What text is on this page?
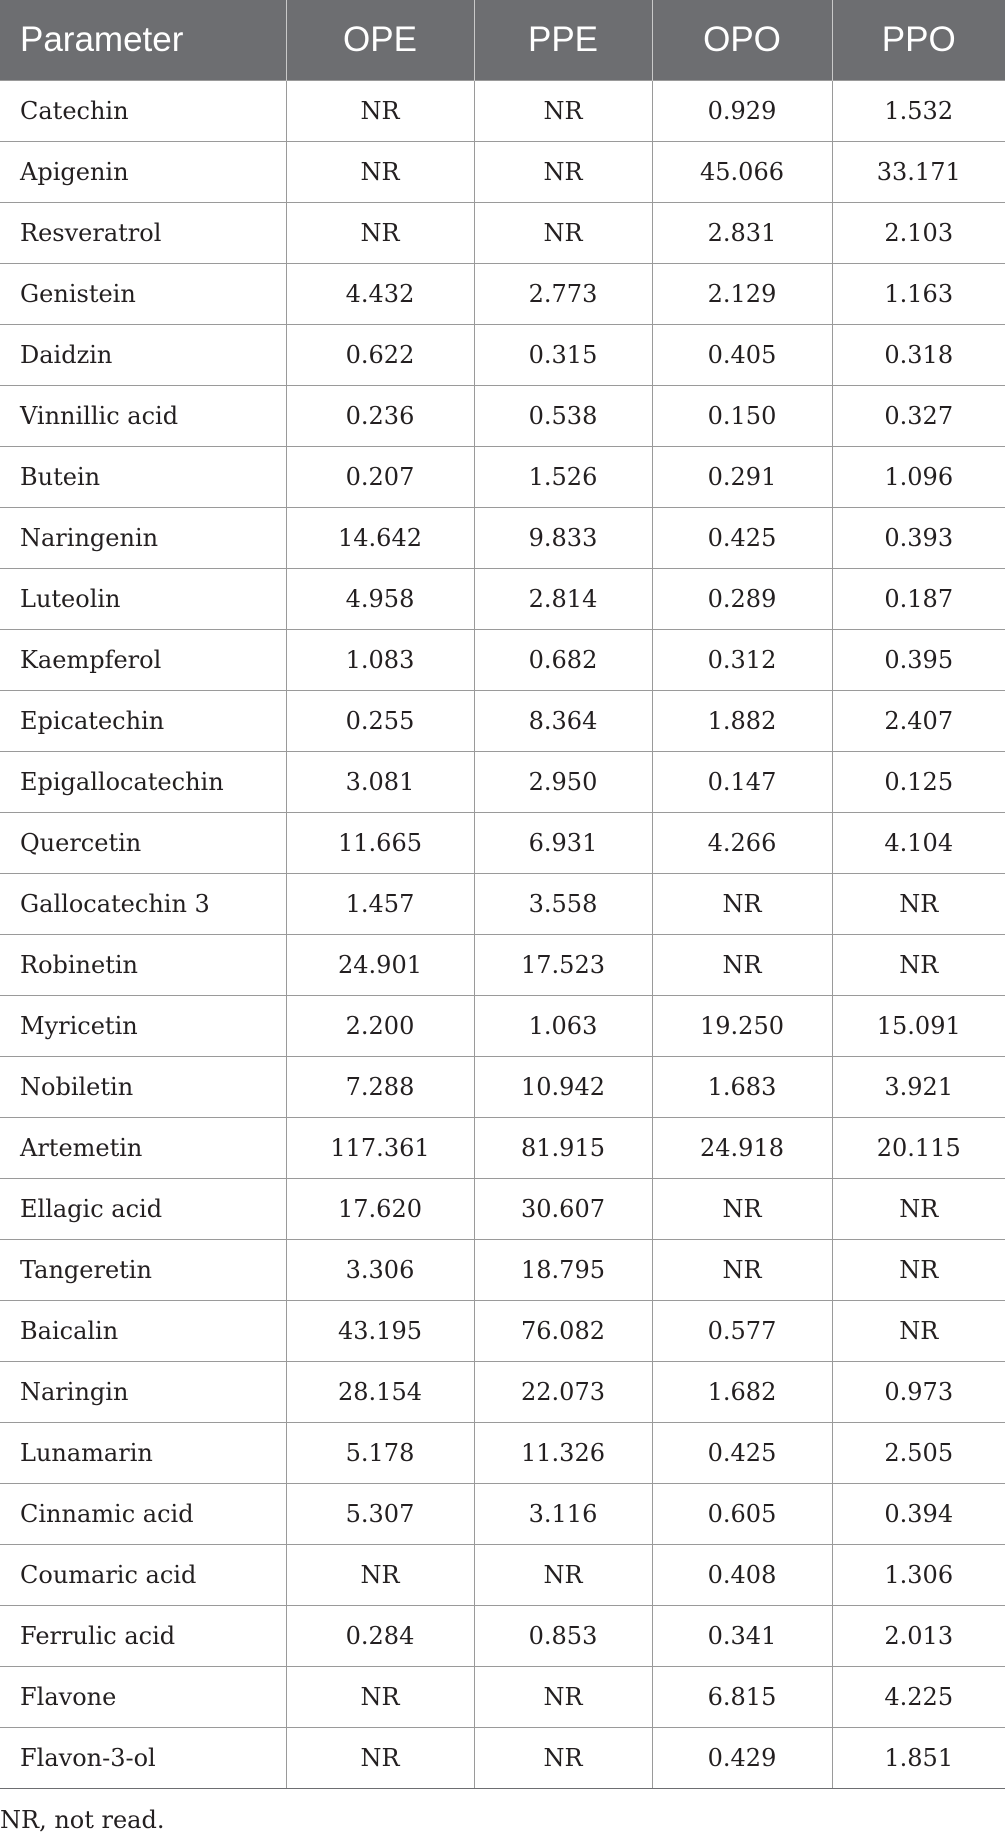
Parameter	OPE	PPE	OPO	PPO
Catechin	NR	NR	0.929	1.532
Apigenin	NR	NR	45.066	33.171
Resveratrol	NR	NR	2.831	2.103
Genistein	4.432	2.773	2.129	1.163
Daidzin	0.622	0.315	0.405	0.318
Vinnillic acid	0.236	0.538	0.150	0.327
Butein	0.207	1.526	0.291	1.096
Naringenin	14.642	9.833	0.425	0.393
Luteolin	4.958	2.814	0.289	0.187
Kaempferol	1.083	0.682	0.312	0.395
Epicatechin	0.255	8.364	1.882	2.407
Epigallocatechin	3.081	2.950	0.147	0.125
Quercetin	11.665	6.931	4.266	4.104
Gallocatechin 3	1.457	3.558	NR	NR
Robinetin	24.901	17.523	NR	NR
Myricetin	2.200	1.063	19.250	15.091
Nobiletin	7.288	10.942	1.683	3.921
Artemetin	117.361	81.915	24.918	20.115
Ellagic acid	17.620	30.607	NR	NR
Tangeretin	3.306	18.795	NR	NR
Baicalin	43.195	76.082	0.577	NR
Naringin	28.154	22.073	1.682	0.973
Lunamarin	5.178	11.326	0.425	2.505
Cinnamic acid	5.307	3.116	0.605	0.394
Coumaric acid	NR	NR	0.408	1.306
Ferrulic acid	0.284	0.853	0.341	2.013
Flavone	NR	NR	6.815	4.225
Flavon-3-ol	NR	NR	0.429	1.851
NR, not read.
